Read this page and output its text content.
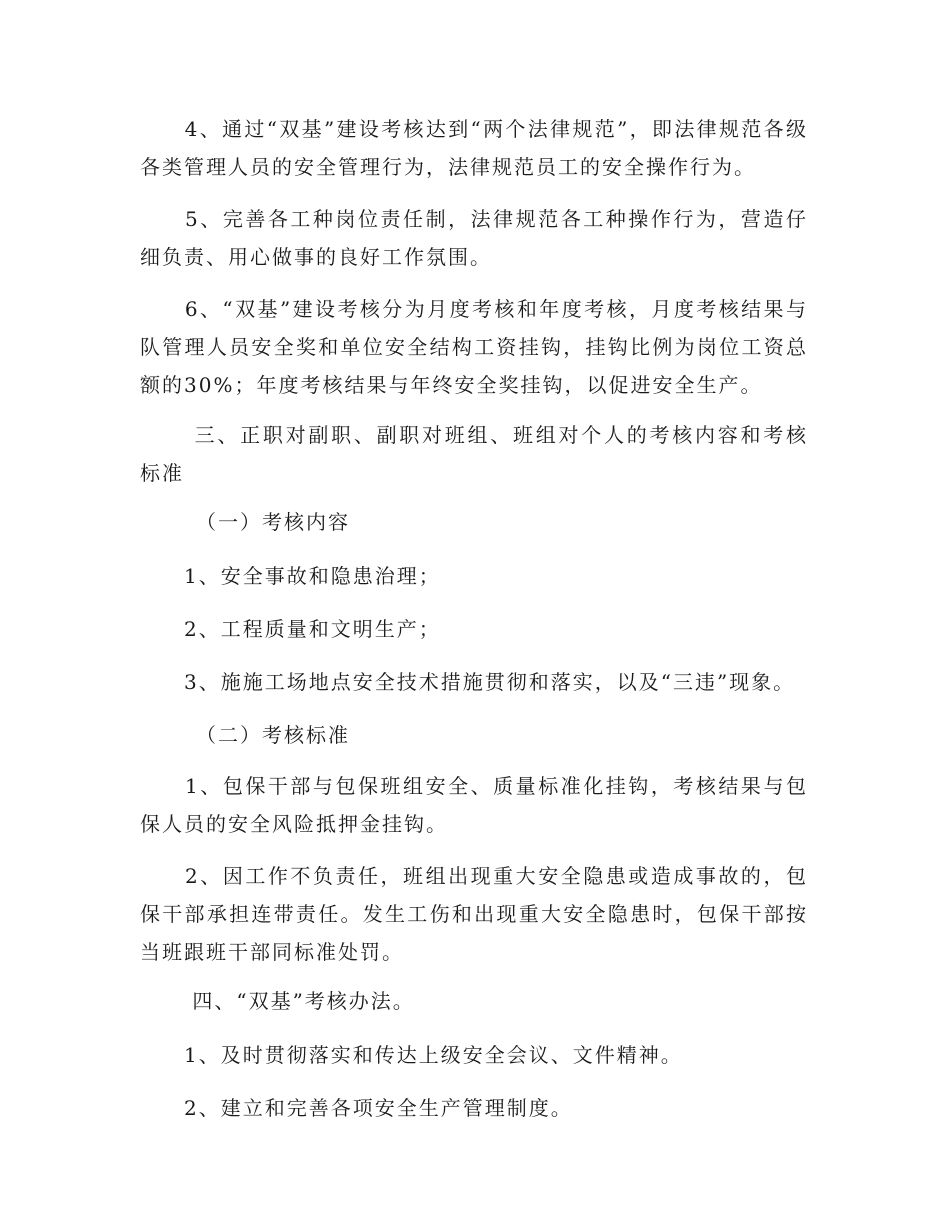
　　4、通过“双基”建设考核达到“两个法律规范”，即法律规范各级各类管理人员的安全管理行为，法律规范员工的安全操作行为。

　　5、完善各工种岗位责任制，法律规范各工种操作行为，营造仔细负责、用心做事的良好工作氛围。

　　6、“双基”建设考核分为月度考核和年度考核，月度考核结果与队管理人员安全奖和单位安全结构工资挂钩，挂钩比例为岗位工资总额的30%；年度考核结果与年终安全奖挂钩，以促进安全生产。

　　 三、正职对副职、副职对班组、班组对个人的考核内容和考核标准

　　　（一）考核内容

　　1、安全事故和隐患治理；

　　2、工程质量和文明生产；

　　3、施施工场地点安全技术措施贯彻和落实，以及“三违”现象。

　　　（二）考核标准

　　1、包保干部与包保班组安全、质量标准化挂钩，考核结果与包保人员的安全风险抵押金挂钩。

　　2、因工作不负责任，班组出现重大安全隐患或造成事故的，包保干部承担连带责任。发生工伤和出现重大安全隐患时，包保干部按当班跟班干部同标准处罚。

　　 四、“双基”考核办法。

　　1、及时贯彻落实和传达上级安全会议、文件精神。

　　2、建立和完善各项安全生产管理制度。
